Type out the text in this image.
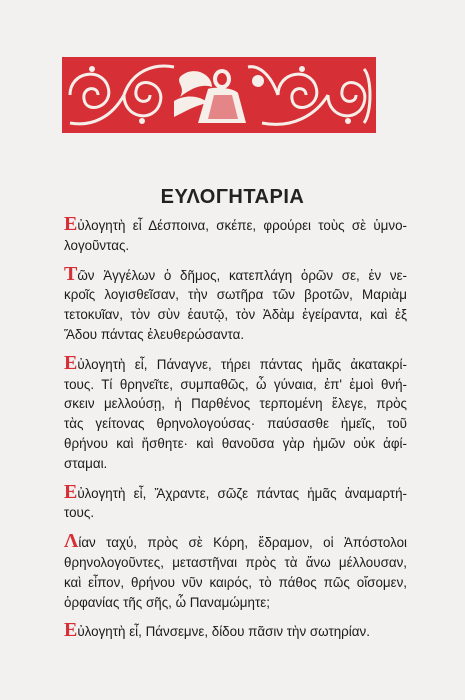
ΕΥΛΟΓΗΤΑΡΙΑ

Εὐλογητὴ εἶ Δέσποινα, σκέπε, φρούρει τοὺς σὲ ὑμνο-
λογοῦντας.

Τῶν Ἀγγέλων ὁ δῆμος, κατεπλάγη ὁρῶν σε, ἐν νε-
κροῖς λογισθεῖσαν, τὴν σωτῆρα τῶν βροτῶν, Μαριὰμ
τετοκυῖαν, τὸν σὺν ἑαυτῷ, τὸν Ἀδὰμ ἐγείραντα, καὶ ἐξ
Ἅδου πάντας ἐλευθερώσαντα.

Εὐλογητὴ εἶ, Πάναγνε, τήρει πάντας ἡμᾶς ἀκατακρί-
τους. Τί θρηνεῖτε, συμπαθῶς, ὦ γύναια, ἐπ' ἐμοὶ θνή-
σκειν μελλούσῃ, ἡ Παρθένος τερπομένη ἔλεγε, πρὸς
τὰς γείτονας θρηνολογούσας· παύσασθε ἡμεῖς, τοῦ
θρήνου καὶ ἥσθητε· καὶ θανοῦσα γὰρ ἡμῶν οὐκ ἀφί-
σταμαι.

Εὐλογητὴ εἶ, Ἄχραντε, σῶζε πάντας ἡμᾶς ἀναμαρτή-
τους.

Λίαν ταχύ, πρὸς σὲ Κόρη, ἔδραμον, οἱ Ἀπόστολοι
θρηνολογοῦντες, μεταστῆναι πρὸς τὰ ἄνω μέλλουσαν,
καὶ εἶπον, θρήνου νῦν καιρός, τὸ πάθος πῶς οἴσομεν,
ὀρφανίας τῆς σῆς, ὦ Παναμώμητε;

Εὐλογητὴ εἶ, Πάνσεμνε, δίδου πᾶσιν τὴν σωτηρίαν.
